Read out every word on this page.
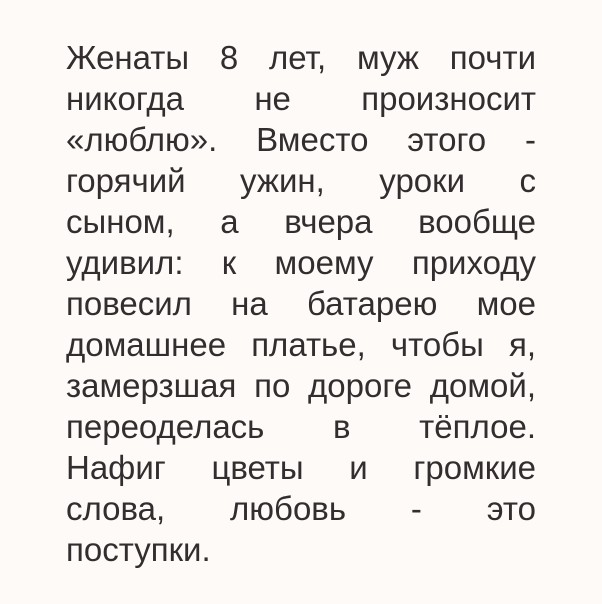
Женаты 8 лет, муж почти
никогда не произносит
«люблю». Вместо этого -
горячий ужин, уроки с
сыном, а вчера вообще
удивил: к моему приходу
повесил на батарею мое
домашнее платье, чтобы я,
замерзшая по дороге домой,
переоделась в тёплое.
Нафиг цветы и громкие
слова, любовь - это
поступки.
